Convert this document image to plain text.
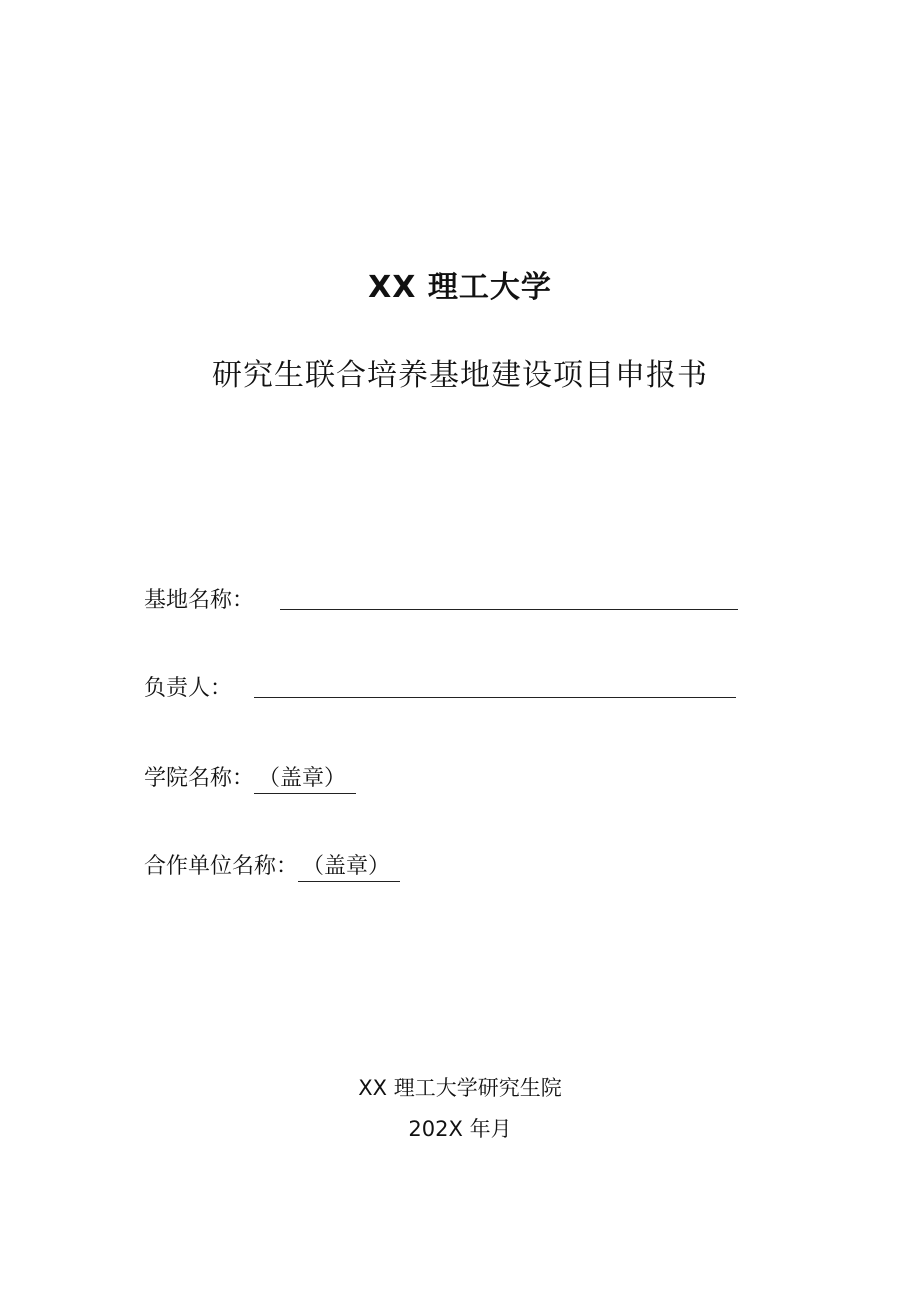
XX 理工大学
研究生联合培养基地建设项目申报书
基地名称：
负责人：
学院名称： （盖章）
合作单位名称： （盖章）
XX 理工大学研究生院
202X 年月
